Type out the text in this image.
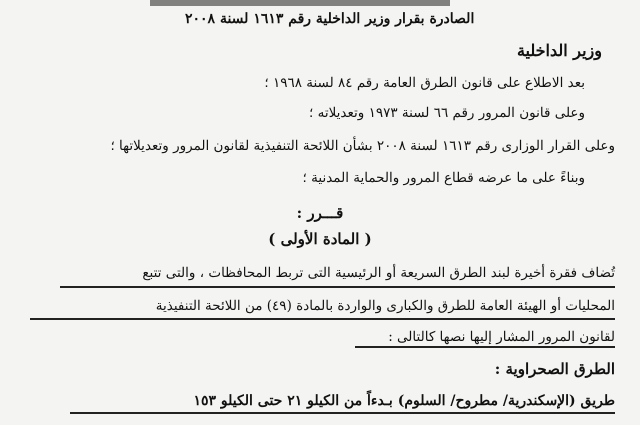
الصادرة بقرار وزير الداخلية رقم ١٦١٣ لسنة ٢٠٠٨
وزير الداخلية
بعد الاطلاع على قانون الطرق العامة رقم ٨٤ لسنة ١٩٦٨ ؛
وعلى قانون المرور رقم ٦٦ لسنة ١٩٧٣ وتعديلاته ؛
وعلى القرار الوزارى رقم ١٦١٣ لسنة ٢٠٠٨ بشأن اللائحة التنفيذية لقانون المرور وتعديلاتها ؛
وبناءً على ما عرضه قطاع المرور والحماية المدنية ؛
قـــرر :
( المادة الأولى )
تُضاف فقرة أخيرة لبند الطرق السريعة أو الرئيسية التى تربط المحافظات ، والتى تتبع
المحليات أو الهيئة العامة للطرق والكبارى والواردة بالمادة (٤٩) من اللائحة التنفيذية
لقانون المرور المشار إليها نصها كالتالى :
الطرق الصحراوية :
طريق (الإسكندرية/ مطروح/ السلوم) بـدءاً من الكيلو ٢١ حتى الكيلو ١٥٣
